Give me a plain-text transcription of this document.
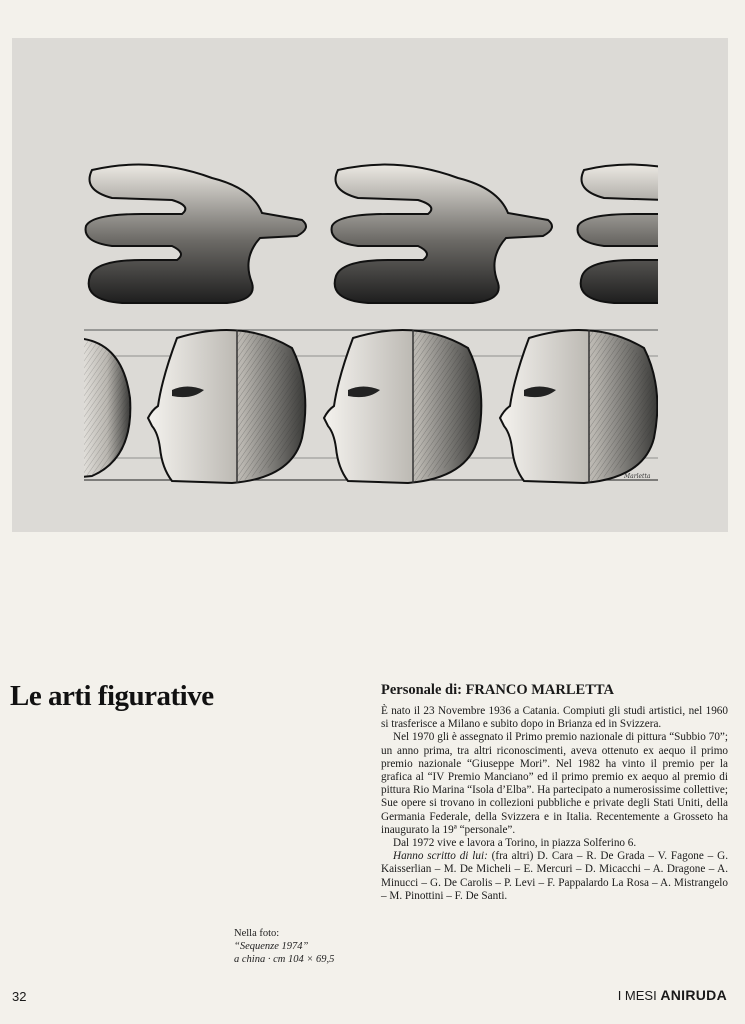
Marletta
Le arti figurative
Nella foto:
“Sequenze 1974”
a china · cm 104 × 69,5
Personale di: FRANCO MARLETTA

È nato il 23 Novembre 1936 a Catania. Compiuti gli studi artistici, nel 1960 si trasferisce a Milano e subito dopo in Brianza ed in Svizzera.

Nel 1970 gli è assegnato il Primo premio nazionale di pittura “Subbio 70”; un anno prima, tra altri riconoscimenti, aveva ottenuto ex aequo il primo premio nazionale “Giuseppe Mori”. Nel 1982 ha vinto il premio per la grafica al “IV Premio Manciano” ed il primo premio ex aequo al premio di pittura Rio Marina “Isola d’Elba”. Ha partecipato a numerosissime collettive; Sue opere si trovano in collezioni pubbliche e private degli Stati Uniti, della Germania Federale, della Svizzera e in Italia. Recentemente a Grosseto ha inaugurato la 19ª “personale”.

Dal 1972 vive e lavora a Torino, in piazza Solferino 6.

Hanno scritto di lui: (fra altri) D. Cara – R. De Grada – V. Fagone – G. Kaisserlian – M. De Micheli – E. Mercuri – D. Micacchi – A. Dragone – A. Minucci – G. De Carolis – P. Levi – F. Pappalardo La Rosa – A. Mistrangelo – M. Pinottini – F. De Santi.

32	I MESI ANIRUDA
